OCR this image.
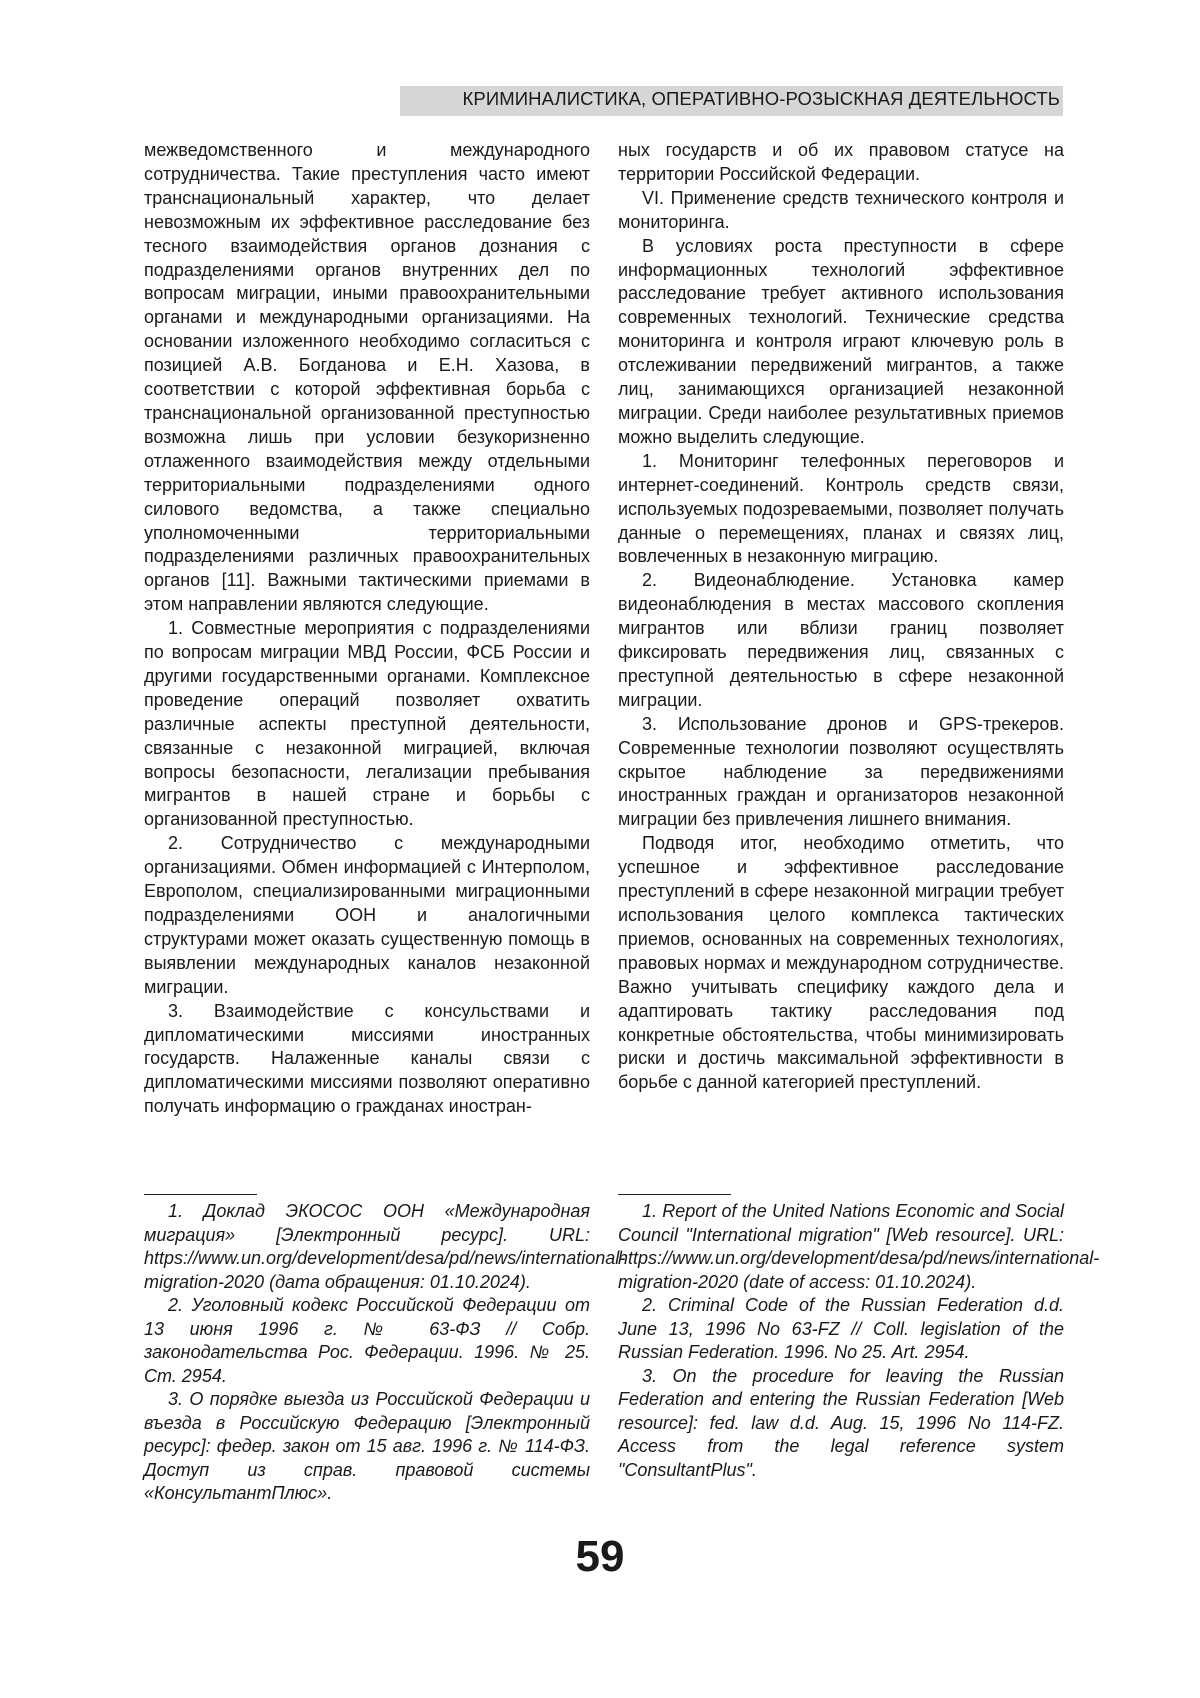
КРИМИНАЛИСТИКА, ОПЕРАТИВНО-РОЗЫСКНАЯ ДЕЯТЕЛЬНОСТЬ

межведомственного и международного сотрудничества. Такие преступления часто имеют транснациональный характер, что делает невозможным их эффективное расследование без тесного взаимодействия органов дознания с подразделениями органов внутренних дел по вопросам миграции, иными правоохранительными органами и международными организациями. На основании изложенного необходимо согласиться с позицией А.В. Богданова и Е.Н. Хазова, в соответствии с которой эффективная борьба с транснациональной организованной преступностью возможна лишь при условии безукоризненно отлаженного взаимодействия между отдельными территориальными подразделениями одного силового ведомства, а также специально уполномоченными территориальными подразделениями различных правоохранительных органов [11]. Важными тактическими приемами в этом направлении являются следующие.

1. Совместные мероприятия с подразделениями по вопросам миграции МВД России, ФСБ России и другими государственными органами. Комплексное проведение операций позволяет охватить различные аспекты преступной деятельности, связанные с незаконной миграцией, включая вопросы безопасности, легализации пребывания мигрантов в нашей стране и борьбы с организованной преступностью.

2. Сотрудничество с международными организациями. Обмен информацией с Интерполом, Европолом, специализированными миграционными подразделениями ООН и аналогичными структурами может оказать существенную помощь в выявлении международных каналов незаконной миграции.

3. Взаимодействие с консульствами и дипломатическими миссиями иностранных государств. Налаженные каналы связи с дипломатическими миссиями позволяют оперативно получать информацию о гражданах иностран-

ных государств и об их правовом статусе на территории Российской Федерации.

VI. Применение средств технического контроля и мониторинга.

В условиях роста преступности в сфере информационных технологий эффективное расследование требует активного использования современных технологий. Технические средства мониторинга и контроля играют ключевую роль в отслеживании передвижений мигрантов, а также лиц, занимающихся организацией незаконной миграции. Среди наиболее результативных приемов можно выделить следующие.

1. Мониторинг телефонных переговоров и интернет-соединений. Контроль средств связи, используемых подозреваемыми, позволяет получать данные о перемещениях, планах и связях лиц, вовлеченных в незаконную миграцию.

2. Видеонаблюдение. Установка камер видеонаблюдения в местах массового скопления мигрантов или вблизи границ позволяет фиксировать передвижения лиц, связанных с преступной деятельностью в сфере незаконной миграции.

3. Использование дронов и GPS-трекеров. Современные технологии позволяют осуществлять скрытое наблюдение за передвижениями иностранных граждан и организаторов незаконной миграции без привлечения лишнего внимания.

Подводя итог, необходимо отметить, что успешное и эффективное расследование преступлений в сфере незаконной миграции требует использования целого комплекса тактических приемов, основанных на современных технологиях, правовых нормах и международном сотрудничестве. Важно учитывать специфику каждого дела и адаптировать тактику расследования под конкретные обстоятельства, чтобы минимизировать риски и достичь максимальной эффективности в борьбе с данной категорией преступлений.

1. Доклад ЭКОСОС ООН «Международная миграция» [Электронный ресурс]. URL: https://www.un.org/development/desa/pd/news/international-migration-2020 (дата обращения: 01.10.2024).

2. Уголовный кодекс Российской Федерации от 13 июня 1996 г. № 63-ФЗ // Собр. законодательства Рос. Федерации. 1996. № 25. Ст. 2954.

3. О порядке выезда из Российской Федерации и въезда в Российскую Федерацию [Электронный ресурс]: федер. закон от 15 авг. 1996 г. № 114-ФЗ. Доступ из справ. правовой системы «КонсультантПлюс».

1. Report of the United Nations Economic and Social Council "International migration" [Web resource]. URL: https://www.un.org/development/desa/pd/news/international-migration-2020 (date of access: 01.10.2024).

2. Criminal Code of the Russian Federation d.d. June 13, 1996 No 63-FZ // Coll. legislation of the Russian Federation. 1996. No 25. Art. 2954.

3. On the procedure for leaving the Russian Federation and entering the Russian Federation [Web resource]: fed. law d.d. Aug. 15, 1996 No 114-FZ. Access from the legal reference system "ConsultantPlus".

59
